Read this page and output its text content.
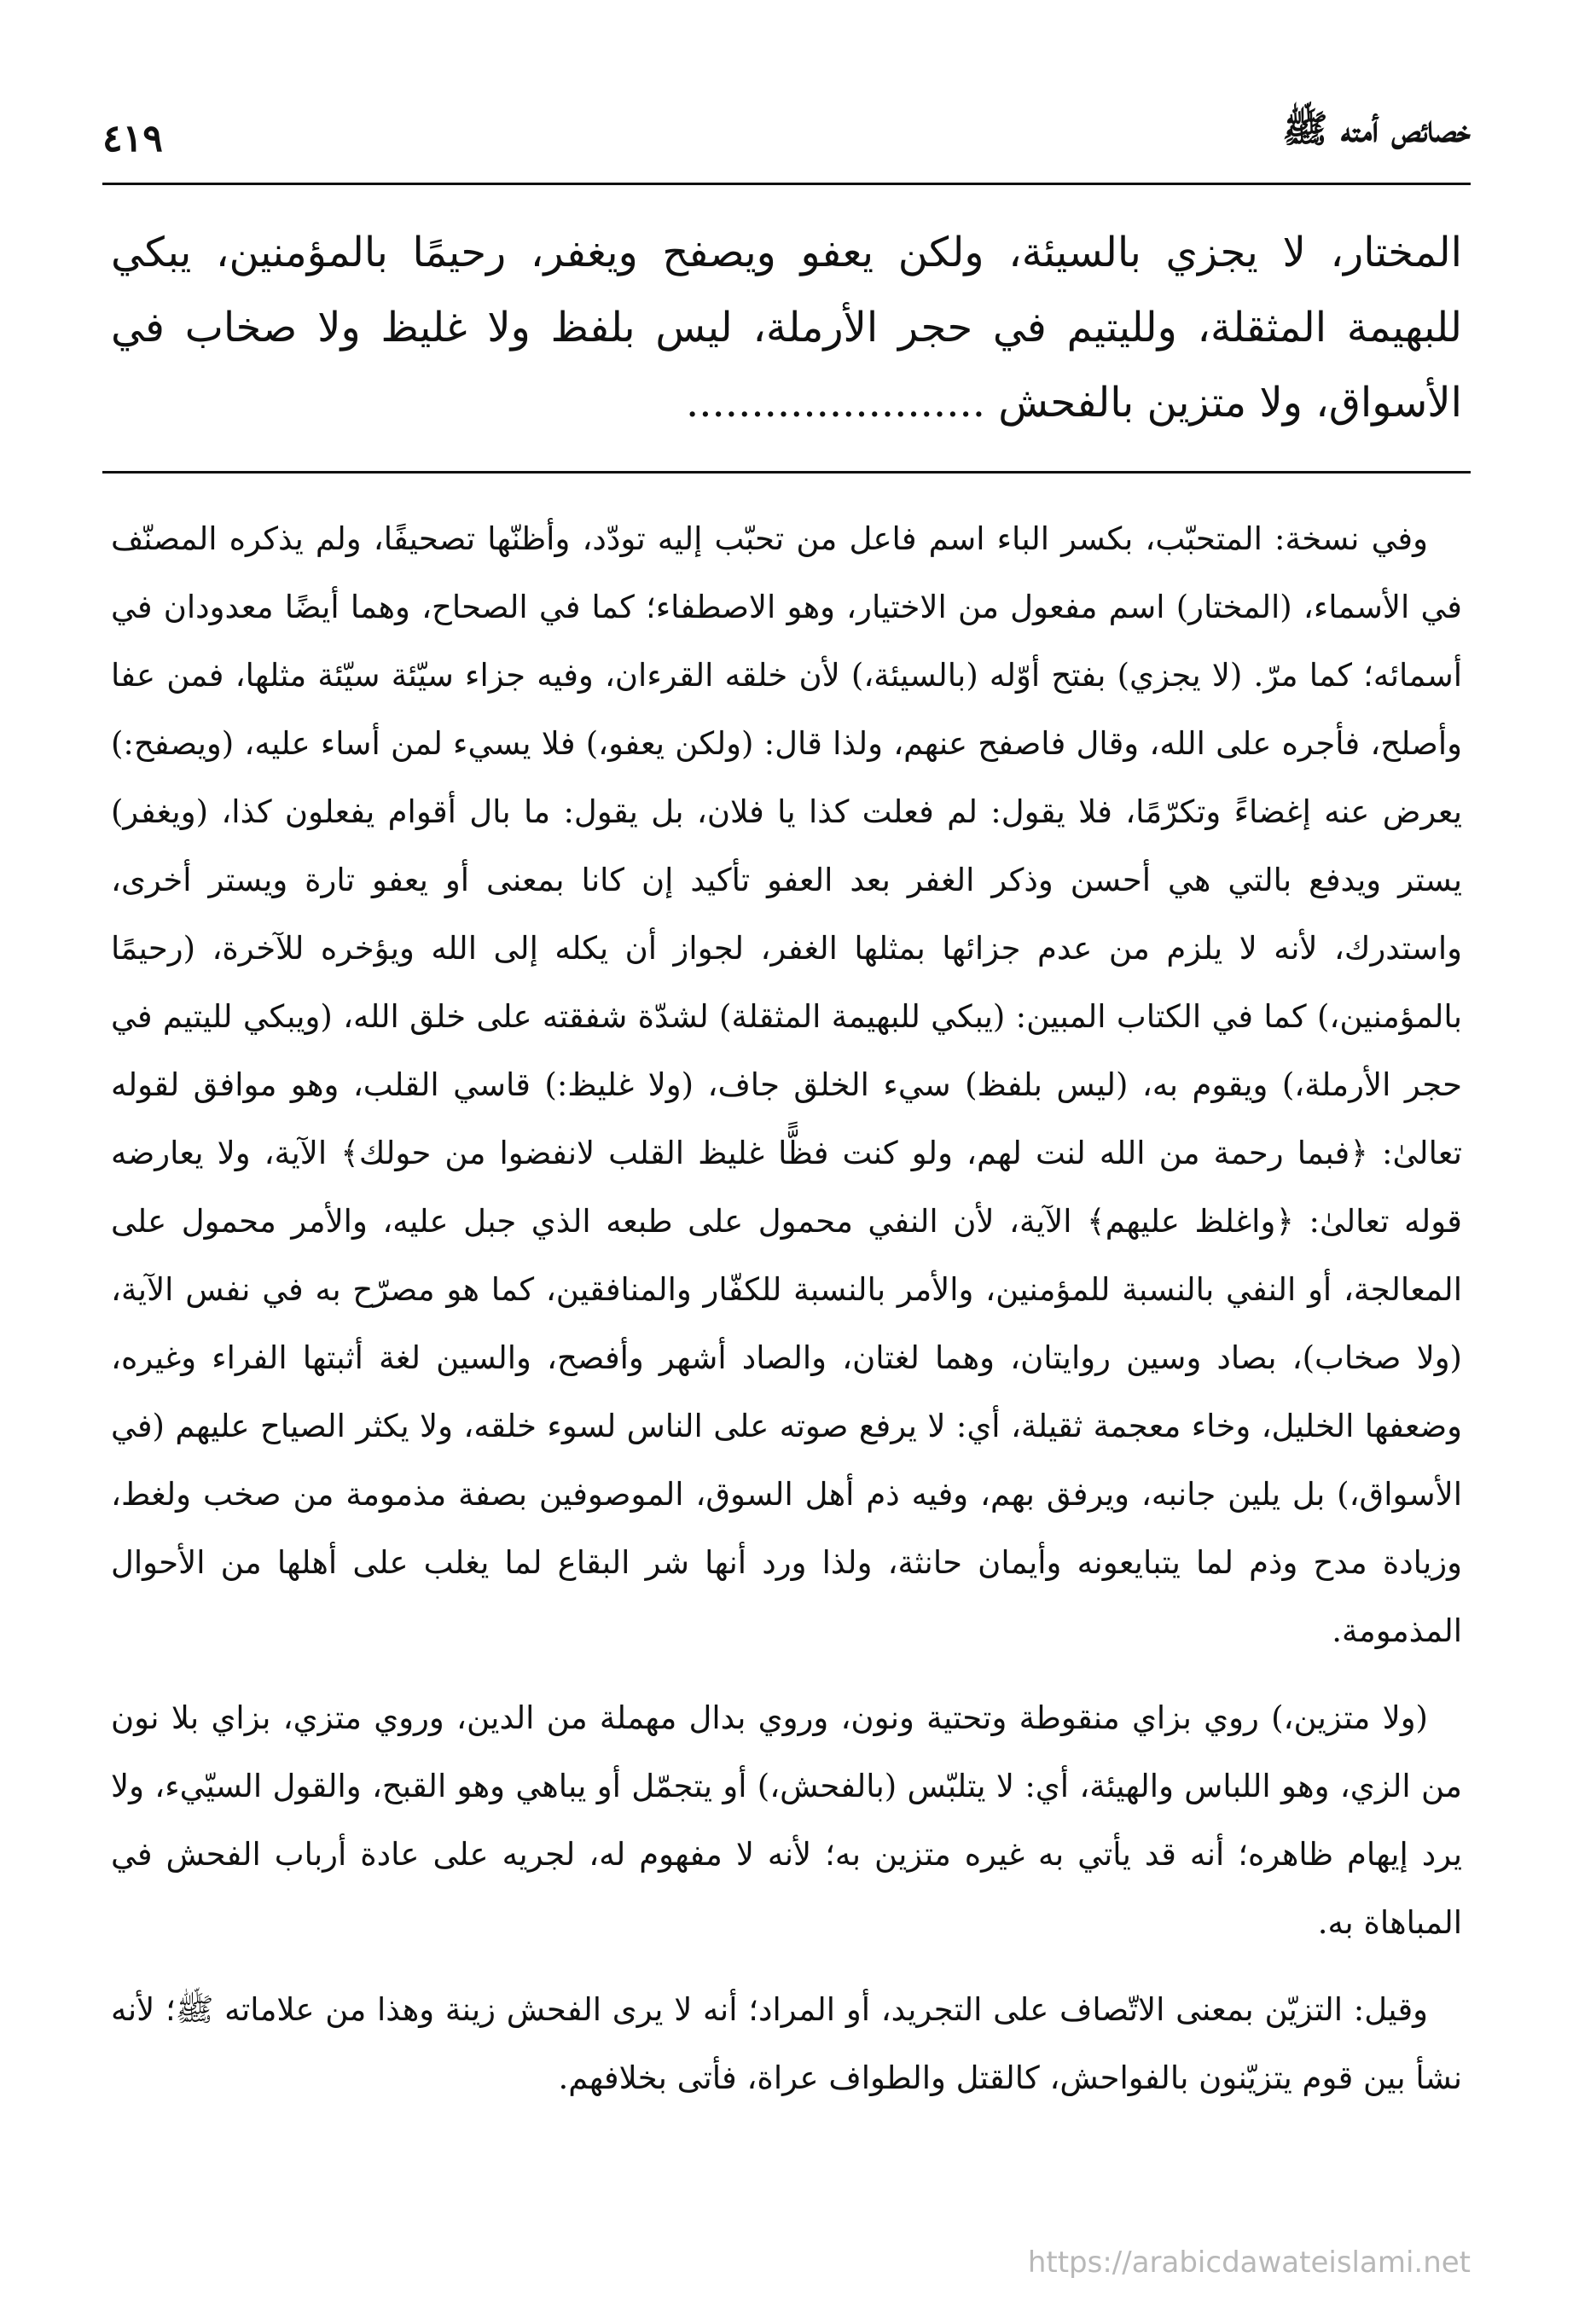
خصائص أمته ﷺ
٤١٩

المختار، لا يجزي بالسيئة، ولكن يعفو ويصفح ويغفر، رحيمًا بالمؤمنين، يبكي للبهيمة المثقلة، ولليتيم في حجر الأرملة، ليس بلفظ ولا غليظ ولا صخاب في الأسواق، ولا متزين بالفحش .......................

وفي نسخة: المتحبّب، بكسر الباء اسم فاعل من تحبّب إليه تودّد، وأظنّها تصحيفًا، ولم يذكره المصنّف في الأسماء، (المختار) اسم مفعول من الاختيار، وهو الاصطفاء؛ كما في الصحاح، وهما أيضًا معدودان في أسمائه؛ كما مرّ. (لا يجزي) بفتح أوّله (بالسيئة،) لأن خلقه القرءان، وفيه جزاء سيّئة سيّئة مثلها، فمن عفا وأصلح، فأجره على الله، وقال فاصفح عنهم، ولذا قال: (ولكن يعفو،) فلا يسيء لمن أساء عليه، (ويصفح:) يعرض عنه إغضاءً وتكرّمًا، فلا يقول: لم فعلت كذا يا فلان، بل يقول: ما بال أقوام يفعلون كذا، (ويغفر) يستر ويدفع بالتي هي أحسن وذكر الغفر بعد العفو تأكيد إن كانا بمعنى أو يعفو تارة ويستر أخرى، واستدرك، لأنه لا يلزم من عدم جزائها بمثلها الغفر، لجواز أن يكله إلى الله ويؤخره للآخرة، (رحيمًا بالمؤمنين،) كما في الكتاب المبين: (يبكي للبهيمة المثقلة) لشدّة شفقته على خلق الله، (ويبكي لليتيم في حجر الأرملة،) ويقوم به، (ليس بلفظ) سيء الخلق جاف، (ولا غليظ:) قاسي القلب، وهو موافق لقوله تعالىٰ: ﴿فبما رحمة من الله لنت لهم، ولو كنت فظًّا غليظ القلب لانفضوا من حولك﴾ الآية، ولا يعارضه قوله تعالىٰ: ﴿واغلظ عليهم﴾ الآية، لأن النفي محمول على طبعه الذي جبل عليه، والأمر محمول على المعالجة، أو النفي بالنسبة للمؤمنين، والأمر بالنسبة للكفّار والمنافقين، كما هو مصرّح به في نفس الآية، (ولا صخاب)، بصاد وسين روايتان، وهما لغتان، والصاد أشهر وأفصح، والسين لغة أثبتها الفراء وغيره، وضعفها الخليل، وخاء معجمة ثقيلة، أي: لا يرفع صوته على الناس لسوء خلقه، ولا يكثر الصياح عليهم (في الأسواق،) بل يلين جانبه، ويرفق بهم، وفيه ذم أهل السوق، الموصوفين بصفة مذمومة من صخب ولغط، وزيادة مدح وذم لما يتبايعونه وأيمان حانثة، ولذا ورد أنها شر البقاع لما يغلب على أهلها من الأحوال المذمومة.

(ولا متزين،) روي بزاي منقوطة وتحتية ونون، وروي بدال مهملة من الدين، وروي متزي، بزاي بلا نون من الزي، وهو اللباس والهيئة، أي: لا يتلبّس (بالفحش،) أو يتجمّل أو يباهي وهو القبح، والقول السيّيء، ولا يرد إيهام ظاهره؛ أنه قد يأتي به غيره متزين به؛ لأنه لا مفهوم له، لجريه على عادة أرباب الفحش في المباهاة به.

وقيل: التزيّن بمعنى الاتّصاف على التجريد، أو المراد؛ أنه لا يرى الفحش زينة وهذا من علاماته ﷺ؛ لأنه نشأ بين قوم يتزيّنون بالفواحش، كالقتل والطواف عراة، فأتى بخلافهم.

https://arabicdawateislami.net
